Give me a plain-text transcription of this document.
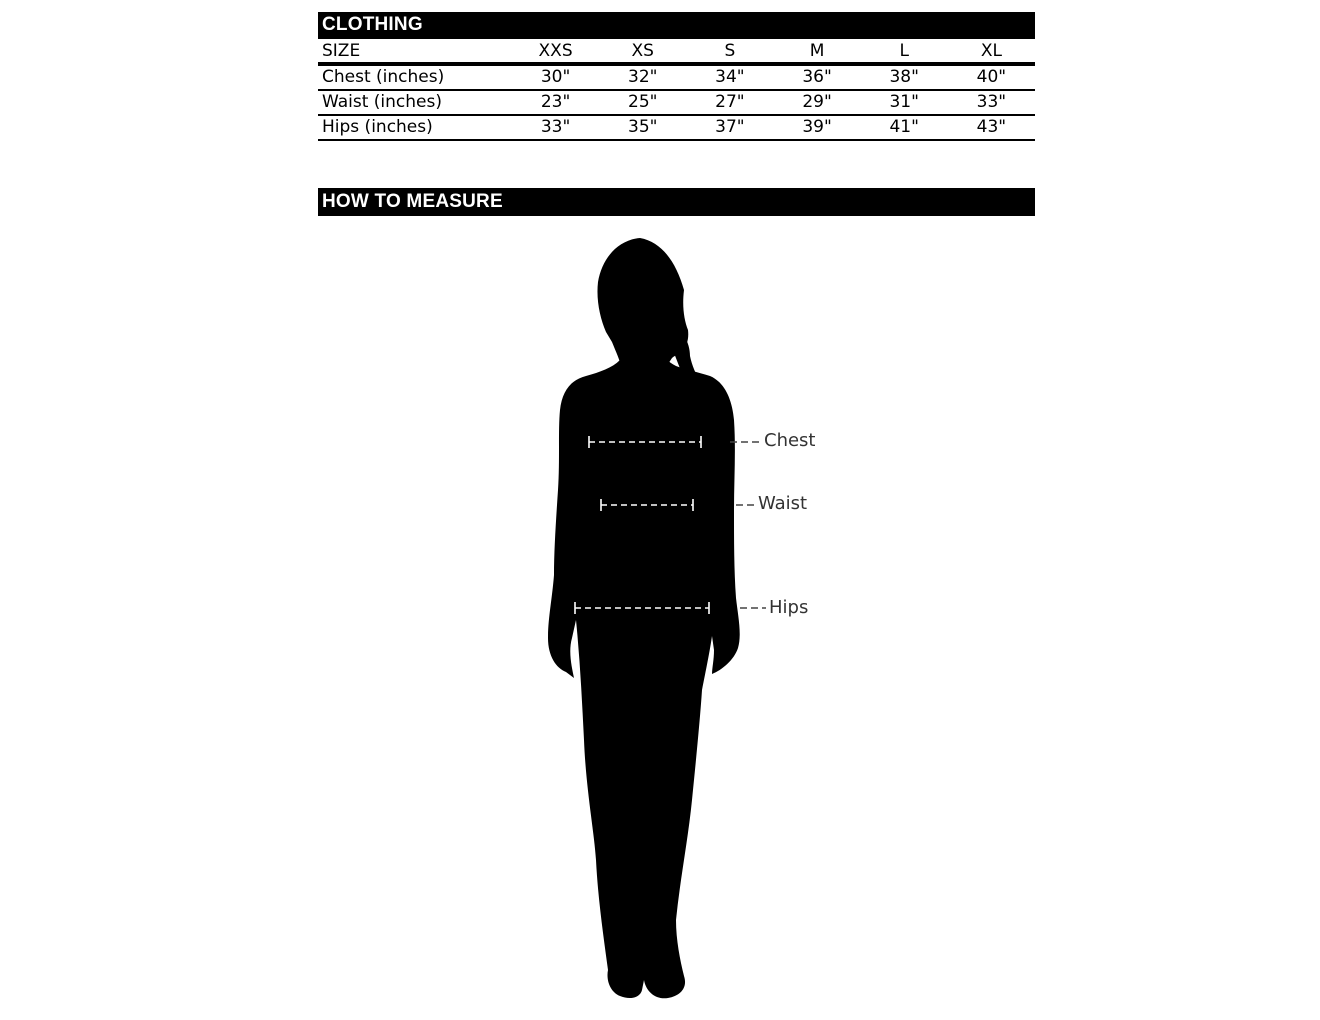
CLOTHING
SIZE	XXS	XS	S	M	L	XL
Chest (inches)	30"	32"	34"	36"	38"	40"
Waist (inches)	23"	25"	27"	29"	31"	33"
Hips (inches)	33"	35"	37"	39"	41"	43"
HOW TO MEASURE
Chest
Waist
Hips
